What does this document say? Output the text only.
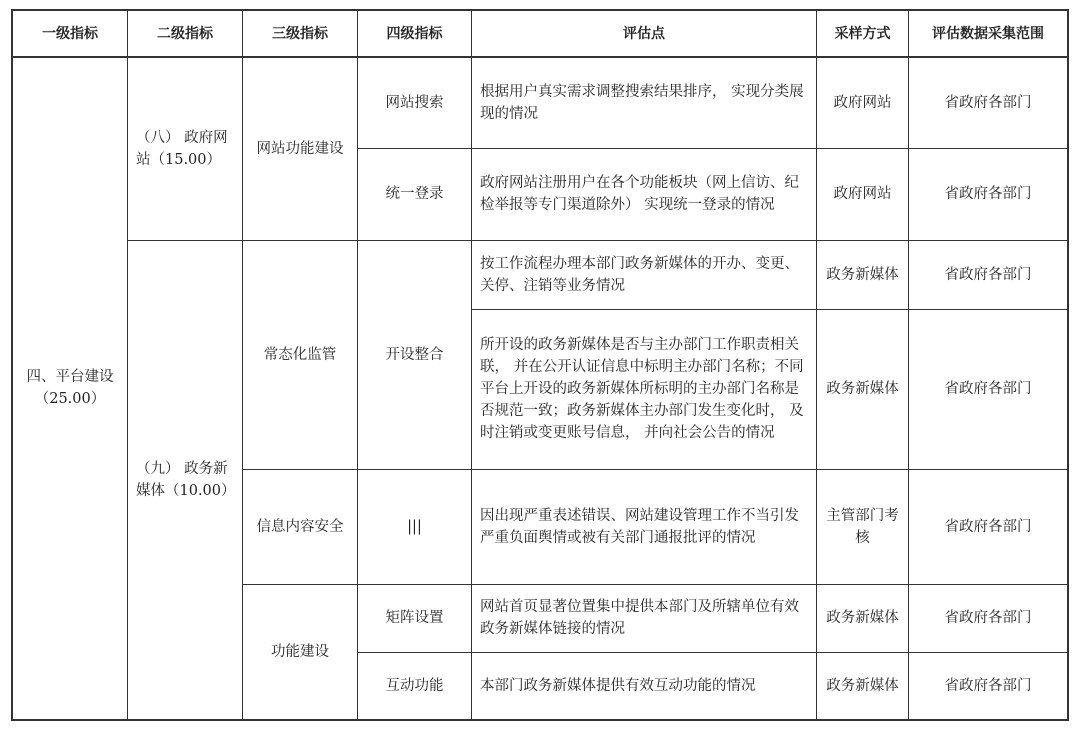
一级指标	二级指标	三级指标	四级指标	评估点	采样方式	评估数据采集范围
四、平台建设（25.00）	（八） 政府网站（15.00）	网站功能建设	网站搜索	根据用户真实需求调整搜索结果排序， 实现分类展现的情况	政府网站	省政府各部门
			统一登录	政府网站注册用户在各个功能板块（网上信访、纪检举报等专门渠道除外） 实现统一登录的情况	政府网站	省政府各部门
	（九） 政务新媒体（10.00）	常态化监管	开设整合	按工作流程办理本部门政务新媒体的开办、变更、关停、注销等业务情况	政务新媒体	省政府各部门
				所开设的政务新媒体是否与主办部门工作职责相关联， 并在公开认证信息中标明主办部门名称；不同平台上开设的政务新媒体所标明的主办部门名称是否规范一致；政务新媒体主办部门发生变化时， 及时注销或变更账号信息， 并向社会公告的情况	政务新媒体	省政府各部门
		信息内容安全	|||	因出现严重表述错误、网站建设管理工作不当引发严重负面舆情或被有关部门通报批评的情况	主管部门考核	省政府各部门
		功能建设	矩阵设置	网站首页显著位置集中提供本部门及所辖单位有效政务新媒体链接的情况	政务新媒体	省政府各部门
			互动功能	本部门政务新媒体提供有效互动功能的情况	政务新媒体	省政府各部门
